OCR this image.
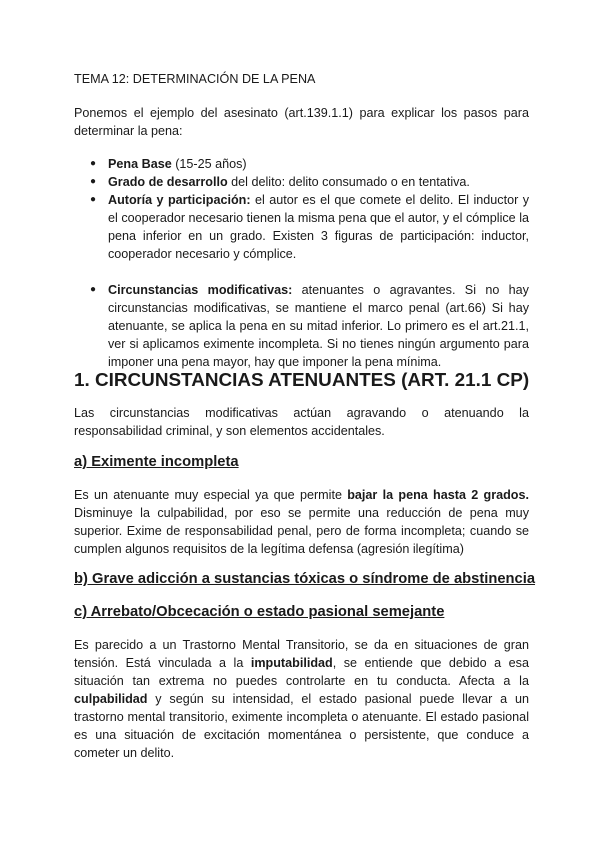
TEMA 12: DETERMINACIÓN DE LA PENA

Ponemos el ejemplo del asesinato (art.139.1.1) para explicar los pasos para determinar la pena:

● Pena Base (15-25 años)
● Grado de desarrollo del delito: delito consumado o en tentativa.
● Autoría y participación: el autor es el que comete el delito. El inductor y el cooperador necesario tienen la misma pena que el autor, y el cómplice la pena inferior en un grado. Existen 3 figuras de participación: inductor, cooperador necesario y cómplice.
● Circunstancias modificativas: atenuantes o agravantes. Si no hay circunstancias modificativas, se mantiene el marco penal (art.66) Si hay atenuante, se aplica la pena en su mitad inferior. Lo primero es el art.21.1, ver si aplicamos eximente incompleta. Si no tienes ningún argumento para imponer una pena mayor, hay que imponer la pena mínima.
1. CIRCUNSTANCIAS ATENUANTES (ART. 21.1 CP)

Las circunstancias modificativas actúan agravando o atenuando la responsabilidad criminal, y son elementos accidentales.

a) Eximente incompleta

Es un atenuante muy especial ya que permite bajar la pena hasta 2 grados. Disminuye la culpabilidad, por eso se permite una reducción de pena muy superior. Exime de responsabilidad penal, pero de forma incompleta; cuando se cumplen algunos requisitos de la legítima defensa (agresión ilegítima)

b) Grave adicción a sustancias tóxicas o síndrome de abstinencia
c) Arrebato/Obcecación o estado pasional semejante

Es parecido a un Trastorno Mental Transitorio, se da en situaciones de gran tensión. Está vinculada a la imputabilidad, se entiende que debido a esa situación tan extrema no puedes controlarte en tu conducta. Afecta a la culpabilidad y según su intensidad, el estado pasional puede llevar a un trastorno mental transitorio, eximente incompleta o atenuante. El estado pasional es una situación de excitación momentánea o persistente, que conduce a cometer un delito.
